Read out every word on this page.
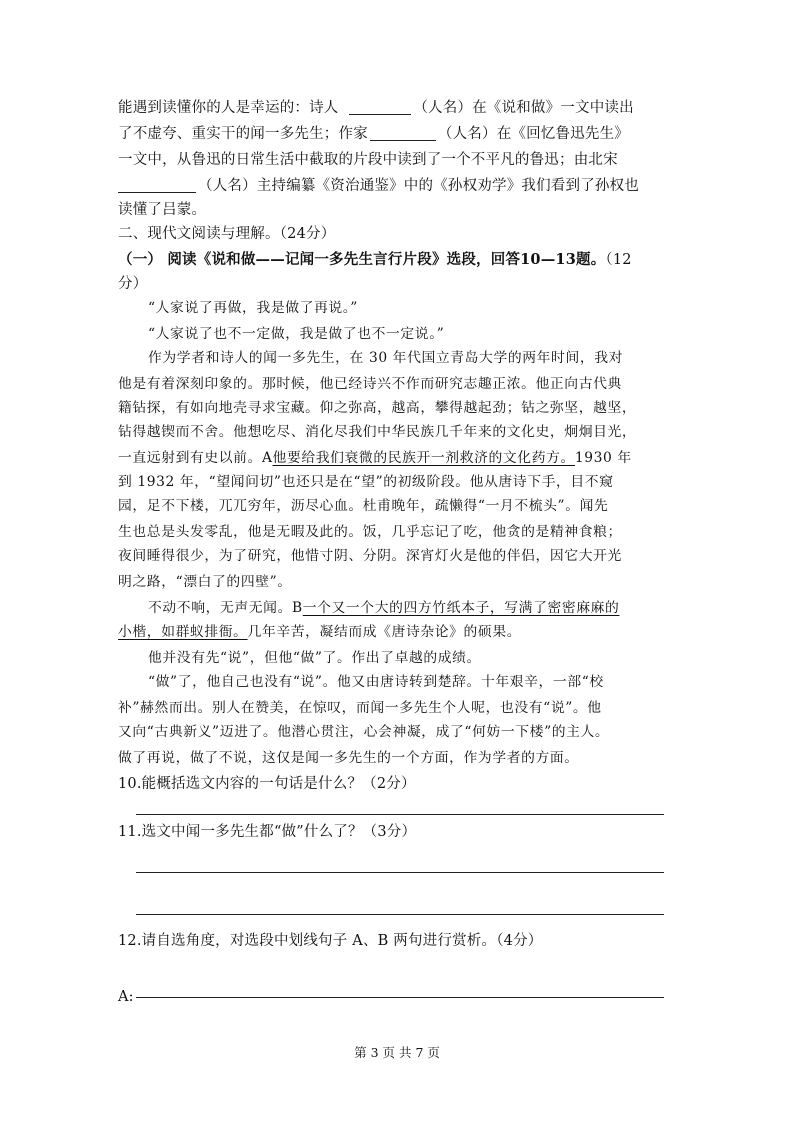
能遇到读懂你的人是幸运的：诗人	（人名）在《说和做》一文中读出
了不虚夸、重实干的闻一多先生；作家	（人名）在《回忆鲁迅先生》
一文中，从鲁迅的日常生活中截取的片段中读到了一个不平凡的鲁迅；由北宋
（人名）主持编纂《资治通鉴》中的《孙权劝学》我们看到了孙权也
读懂了吕蒙。
二、现代文阅读与理解。（24分）
（一） 阅读《说和做——记闻一多先生言行片段》选段，回答10—13题。（12
分）
“人家说了再做，我是做了再说。”
“人家说了也不一定做，我是做了也不一定说。”
作为学者和诗人的闻一多先生，在 30 年代国立青岛大学的两年时间，我对
他是有着深刻印象的。那时候，他已经诗兴不作而研究志趣正浓。他正向古代典
籍钻探，有如向地壳寻求宝藏。仰之弥高，越高，攀得越起劲；钻之弥坚，越坚，
钻得越锲而不舍。他想吃尽、消化尽我们中华民族几千年来的文化史，炯炯目光，
一直远射到有史以前。A他要给我们衰微的民族开一剂救济的文化药方。1930 年
到 1932 年，“望闻问切”也还只是在“望”的初级阶段。他从唐诗下手，目不窥
园，足不下楼，兀兀穷年，沥尽心血。杜甫晚年，疏懒得“一月不梳头”。闻先
生也总是头发零乱，他是无暇及此的。饭，几乎忘记了吃，他贪的是精神食粮；
夜间睡得很少，为了研究，他惜寸阴、分阴。深宵灯火是他的伴侣，因它大开光
明之路，“漂白了的四壁”。
不动不响，无声无闻。B一个又一个大的四方竹纸本子，写满了密密麻麻的
小楷，如群蚁排衙。几年辛苦，凝结而成《唐诗杂论》的硕果。
他并没有先“说”，但他“做”了。作出了卓越的成绩。
“做”了，他自己也没有“说”。他又由唐诗转到楚辞。十年艰辛，一部“校
补”赫然而出。别人在赞美，在惊叹，而闻一多先生个人呢，也没有“说”。他
又向“古典新义”迈进了。他潜心贯注，心会神凝，成了“何妨一下楼”的主人。
做了再说，做了不说，这仅是闻一多先生的一个方面，作为学者的方面。
10.能概括选文内容的一句话是什么？（2分）
11.选文中闻一多先生都“做”什么了？（3分）
12.请自选角度，对选段中划线句子 A、B 两句进行赏析。（4分）
A:
第 3 页 共 7 页
